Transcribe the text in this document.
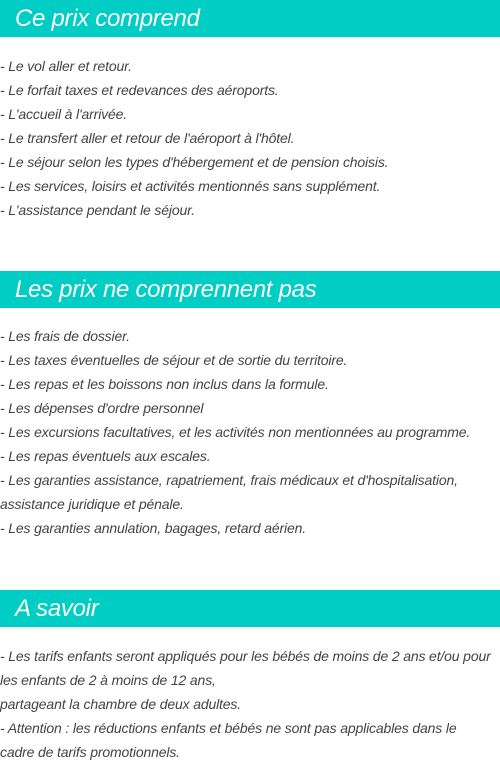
Ce prix comprend
- Le vol aller et retour.
- Le forfait taxes et redevances des aéroports.
- L'accueil à l'arrivée.
- Le transfert aller et retour de l'aéroport à l'hôtel.
- Le séjour selon les types d'hébergement et de pension choisis.
- Les services, loisirs et activités mentionnés sans supplément.
- L'assistance pendant le séjour.
Les prix ne comprennent pas
- Les frais de dossier.
- Les taxes éventuelles de séjour et de sortie du territoire.
- Les repas et les boissons non inclus dans la formule.
- Les dépenses d'ordre personnel
- Les excursions facultatives, et les activités non mentionnées au programme.
- Les repas éventuels aux escales.
- Les garanties assistance, rapatriement, frais médicaux et d'hospitalisation,
assistance juridique et pénale.
- Les garanties annulation, bagages, retard aérien.
A savoir
- Les tarifs enfants seront appliqués pour les bébés de moins de 2 ans et/ou pour
les enfants de 2 à moins de 12 ans,
partageant la chambre de deux adultes.
- Attention : les réductions enfants et bébés ne sont pas applicables dans le
cadre de tarifs promotionnels.
